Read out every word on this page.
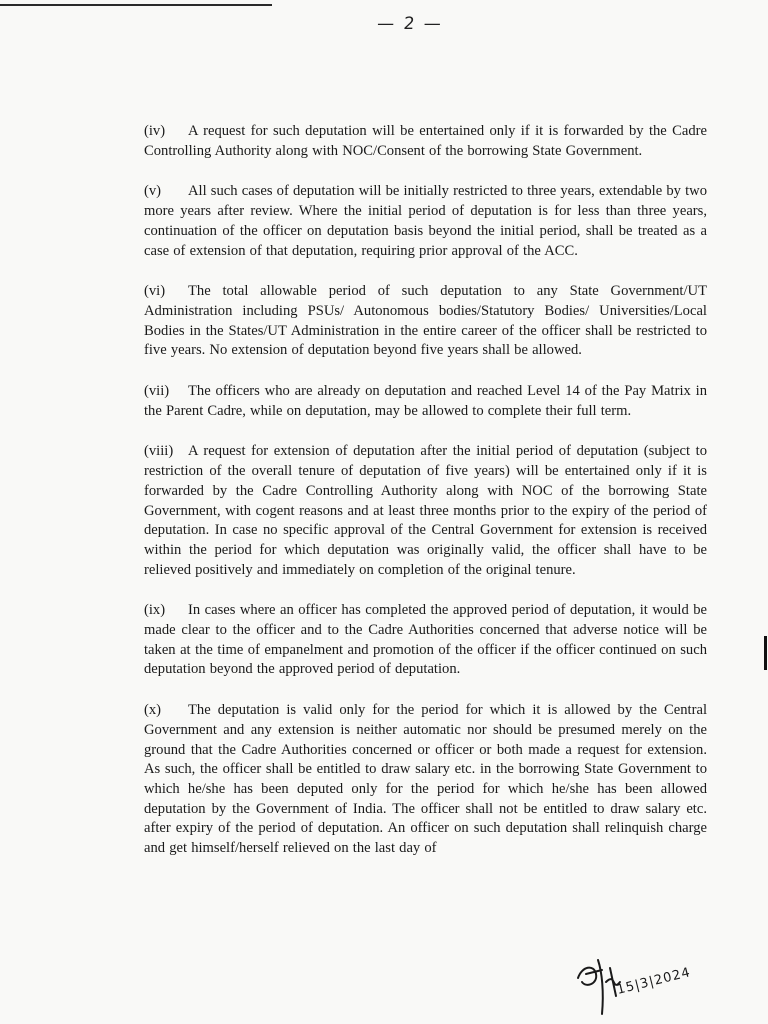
— 2 —

(iv) A request for such deputation will be entertained only if it is forwarded by the Cadre Controlling Authority along with NOC/Consent of the borrowing State Government.

(v) All such cases of deputation will be initially restricted to three years, extendable by two more years after review. Where the initial period of deputation is for less than three years, continuation of the officer on deputation basis beyond the initial period, shall be treated as a case of extension of that deputation, requiring prior approval of the ACC.

(vi) The total allowable period of such deputation to any State Government/UT Administration including PSUs/ Autonomous bodies/Statutory Bodies/ Universities/Local Bodies in the States/UT Administration in the entire career of the officer shall be restricted to five years. No extension of deputation beyond five years shall be allowed.

(vii) The officers who are already on deputation and reached Level 14 of the Pay Matrix in the Parent Cadre, while on deputation, may be allowed to complete their full term.

(viii) A request for extension of deputation after the initial period of deputation (subject to restriction of the overall tenure of deputation of five years) will be entertained only if it is forwarded by the Cadre Controlling Authority along with NOC of the borrowing State Government, with cogent reasons and at least three months prior to the expiry of the period of deputation. In case no specific approval of the Central Government for extension is received within the period for which deputation was originally valid, the officer shall have to be relieved positively and immediately on completion of the original tenure.

(ix) In cases where an officer has completed the approved period of deputation, it would be made clear to the officer and to the Cadre Authorities concerned that adverse notice will be taken at the time of empanelment and promotion of the officer if the officer continued on such deputation beyond the approved period of deputation.

(x) The deputation is valid only for the period for which it is allowed by the Central Government and any extension is neither automatic nor should be presumed merely on the ground that the Cadre Authorities concerned or officer or both made a request for extension. As such, the officer shall be entitled to draw salary etc. in the borrowing State Government to which he/she has been deputed only for the period for which he/she has been allowed deputation by the Government of India. The officer shall not be entitled to draw salary etc. after expiry of the period of deputation. An officer on such deputation shall relinquish charge and get himself/herself relieved on the last day of

15|3|2024
